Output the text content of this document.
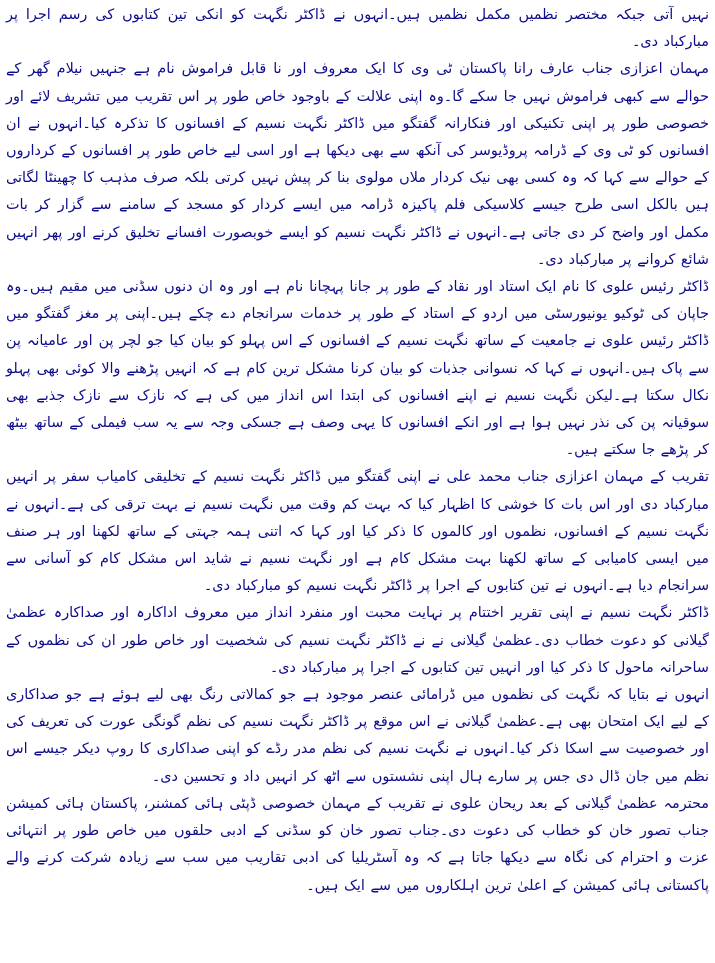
نہیں آتی جبکہ مختصر نظمیں مکمل نظمیں ہیں۔انہوں نے ڈاکٹر نگہت کو انکی تین کتابوں کی رسم اجرا پر مبارکباد دی۔

مہمان اعزازی جناب عارف رانا پاکستان ٹی وی کا ایک معروف اور نا قابل فراموش نام ہے جنہیں نیلام گھر کے حوالے سے کبھی فراموش نہیں جا سکے گا۔وہ اپنی علالت کے باوجود خاص طور پر اس تقریب میں تشریف لائے اور خصوصی طور پر اپنی تکنیکی اور فنکارانہ گفتگو میں ڈاکٹر نگہت نسیم کے افسانوں کا تذکرہ کیا۔انہوں نے ان افسانوں کو ٹی وی کے ڈرامہ پروڈیوسر کی آنکھ سے بھی دیکھا ہے اور اسی لیے خاص طور پر افسانوں کے کرداروں کے حوالے سے کہا کہ وہ کسی بھی نیک کردار ملاں مولوی بنا کر پیش نہیں کرتی بلکہ صرف مذہب کا چھینٹا لگاتی ہیں بالکل اسی طرح جیسے کلاسیکی فلم پاکیزہ ڈرامہ میں ایسے کردار کو مسجد کے سامنے سے گزار کر بات مکمل اور واضح کر دی جاتی ہے۔انہوں نے ڈاکٹر نگہت نسیم کو ایسے خوبصورت افسانے تخلیق کرنے اور پھر انہیں شائع کروانے پر مبارکباد دی۔

ڈاکٹر رئیس علوی کا نام ایک استاد اور نقاد کے طور پر جانا پہچانا نام ہے اور وہ ان دنوں سڈنی میں مقیم ہیں۔وہ جاپان کی ٹوکیو یونیورسٹی میں اردو کے استاد کے طور پر خدمات سرانجام دے چکے ہیں۔اپنی پر مغز گفتگو میں ڈاکٹر رئیس علوی نے جامعیت کے ساتھ نگہت نسیم کے افسانوں کے اس پہلو کو بیان کیا جو لچر پن اور عامیانہ پن سے پاک ہیں۔انہوں نے کہا کہ نسوانی جذبات کو بیان کرنا مشکل ترین کام ہے کہ انہیں پڑھنے والا کوئی بھی پہلو نکال سکتا ہے۔لیکن نگہت نسیم نے اپنے افسانوں کی ابتدا اس انداز میں کی ہے کہ نازک سے نازک جذبے بھی سوقیانہ پن کی نذر نہیں ہوا ہے اور انکے افسانوں کا یہی وصف ہے جسکی وجہ سے یہ سب فیملی کے ساتھ بیٹھ کر پڑھے جا سکتے ہیں۔

تقریب کے مہمان اعزازی جناب محمد علی نے اپنی گفتگو میں ڈاکٹر نگہت نسیم کے تخلیقی کامیاب سفر پر انہیں مبارکباد دی اور اس بات کا خوشی کا اظہار کیا کہ بہت کم وقت میں نگہت نسیم نے بہت ترقی کی ہے۔انہوں نے نگہت نسیم کے افسانوں، نظموں اور کالموں کا ذکر کیا اور کہا کہ اتنی ہمہ جہتی کے ساتھ لکھنا اور ہر صنف میں ایسی کامیابی کے ساتھ لکھنا بہت مشکل کام ہے اور نگہت نسیم نے شاید اس مشکل کام کو آسانی سے سرانجام دیا ہے۔انہوں نے تین کتابوں کے اجرا پر ڈاکٹر نگہت نسیم کو مبارکباد دی۔

ڈاکٹر نگہت نسیم نے اپنی تقریر اختتام پر نہایت محبت اور منفرد انداز میں معروف اداکارہ اور صداکارہ عظمیٰ گیلانی کو دعوت خطاب دی۔عظمیٰ گیلانی نے نے ڈاکٹر نگہت نسیم کی شخصیت اور خاص طور ان کی نظموں کے ساحرانہ ماحول کا ذکر کیا اور انہیں تین کتابوں کے اجرا پر مبارکباد دی۔

انہوں نے بتایا کہ نگہت کی نظموں میں ڈرامائی عنصر موجود ہے جو کمالاتی رنگ بھی لیے ہوئے ہے جو صداکاری کے لیے ایک امتحان بھی ہے۔عظمیٰ گیلانی نے اس موقع پر ڈاکٹر نگہت نسیم کی نظم گونگی عورت کی تعریف کی اور خصوصیت سے اسکا ذکر کیا۔انہوں نے نگہت نسیم کی نظم مدر رڈے کو اپنی صداکاری کا روپ دیکر جیسے اس نظم میں جان ڈال دی جس پر سارے ہال اپنی نشستوں سے اٹھ کر انہیں داد و تحسین دی۔

محترمہ عظمیٰ گیلانی کے بعد ریحان علوی نے تقریب کے مہمان خصوصی ڈپٹی ہائی کمشنر، پاکستان ہائی کمیشن جناب تصور خان کو خطاب کی دعوت دی۔جناب تصور خان کو سڈنی کے ادبی حلقوں میں خاص طور پر انتہائی عزت و احترام کی نگاہ سے دیکھا جاتا ہے کہ وہ آسٹریلیا کی ادبی تقاریب میں سب سے زیادہ شرکت کرنے والے پاکستانی ہائی کمیشن کے اعلیٰ ترین اہلکاروں میں سے ایک ہیں۔
